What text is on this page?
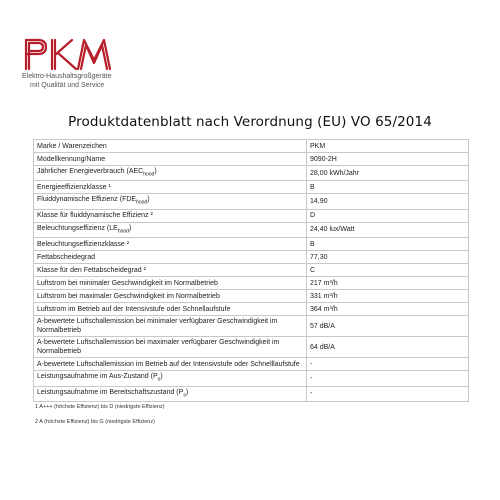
Elektro-Haushaltsgroßgeräte
mit Qualität und Service
Produktdatenblatt nach Verordnung (EU) VO 65/2014
Marke / Warenzeichen	PKM
Modellkennung/Name	9090-2H
Jährlicher Energieverbrauch $(AEC_{hood})$	28,00 kWh/Jahr
Energieeffizienzklasse ¹	B
Fluiddynamische Effizienz $(FDE_{hood})$	14,90
Klasse für fluiddynamische Effizienz ²	D
Beleuchtungseffizienz $(LE_{hood})$	24,40 lux/Watt
Beleuchtungseffizienzklasse ²	B
Fettabscheidegrad	77,30
Klasse für den Fettabscheidegrad ²	C
Luftstrom bei minimaler Geschwindigkeit im Normalbetrieb	217 m³/h
Luftstrom bei maximaler Geschwindigkeit im Normalbetrieb	331 m³/h
Luftstrom im Betrieb auf der Intensivstufe oder Schnellaufstufe	364 m³/h
A-bewertete Luftschallemission bei minimaler verfügbarer Geschwindigkeit im Normalbetrieb	57 dB/A
A-bewertete Luftschallemission bei maximaler verfügbarer Geschwindigkeit im Normalbetrieb	64 dB/A
A-bewertete Luftschallemission im Betrieb auf der Intensivstufe oder Schnelllaufstufe	-
Leistungsaufnahme im Aus-Zustand $(P_o)$	-
Leistungsaufnahme im Bereitschaftszustand $(P_s)$	-
1 A+++ (höchste Effizienz) bis D (niedrigste Effizienz)
2 A (höchste Effizienz) bis G (niedrigste Effizienz)
